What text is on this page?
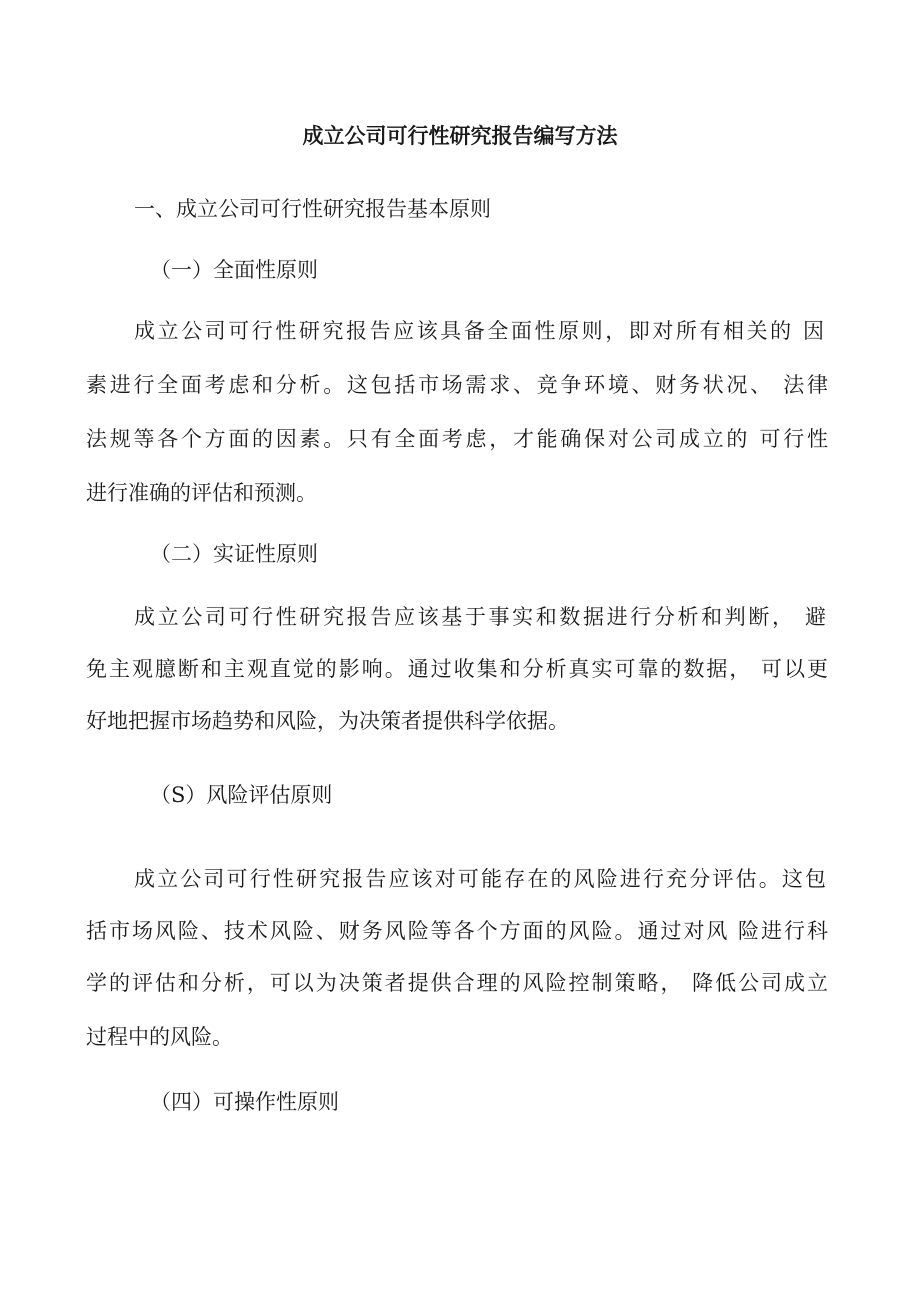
成立公司可行性研究报告编写方法
一、成立公司可行性研究报告基本原则
（一）全面性原则

成立公司可行性研究报告应该具备全面性原则，即对所有相关的 因

素进行全面考虑和分析。这包括市场需求、竞争环境、财务状况、 法律

法规等各个方面的因素。只有全面考虑，才能确保对公司成立的 可行性

进行准确的评估和预测。

（二）实证性原则

成立公司可行性研究报告应该基于事实和数据进行分析和判断， 避

免主观臆断和主观直觉的影响。通过收集和分析真实可靠的数据， 可以更

好地把握市场趋势和风险，为决策者提供科学依据。

（S）风险评估原则

成立公司可行性研究报告应该对可能存在的风险进行充分评估。这包

括市场风险、技术风险、财务风险等各个方面的风险。通过对风 险进行科

学的评估和分析，可以为决策者提供合理的风险控制策略， 降低公司成立

过程中的风险。

（四）可操作性原则
